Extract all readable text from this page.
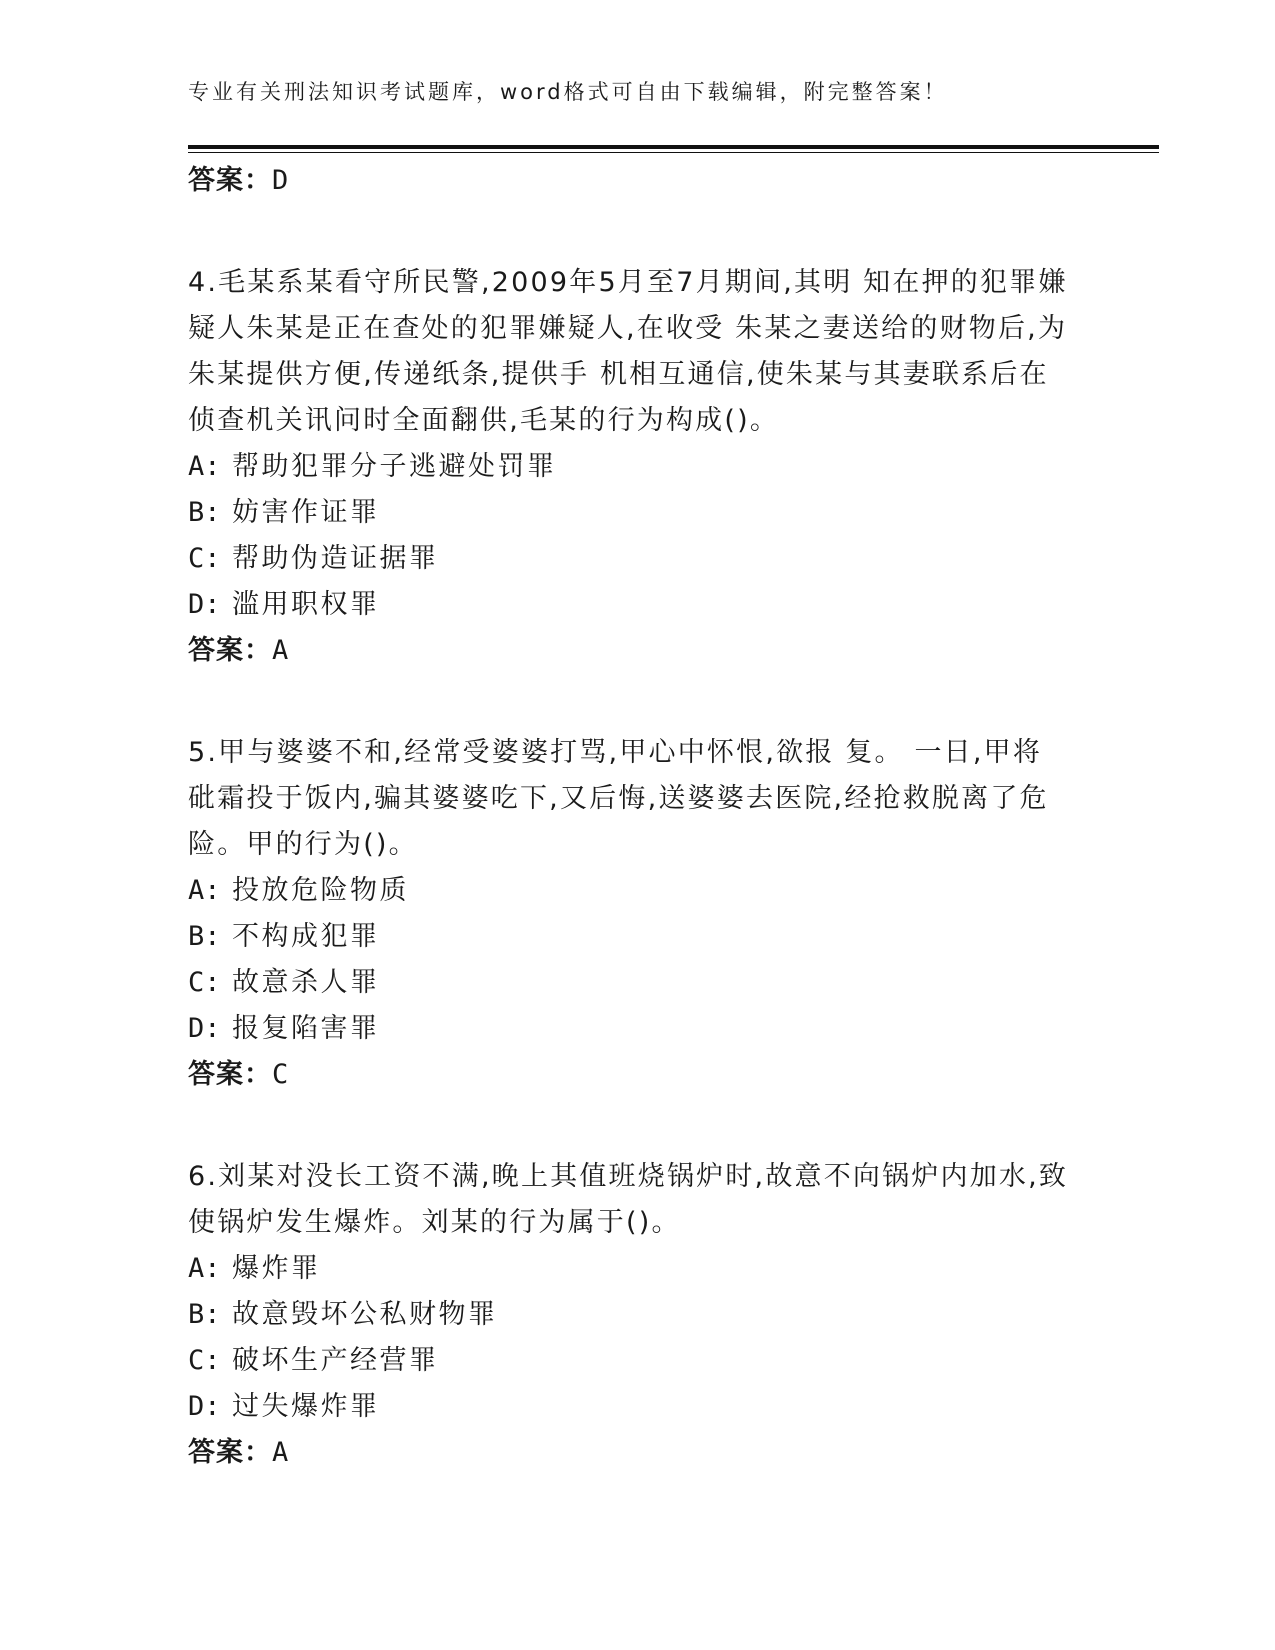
专业有关刑法知识考试题库，word格式可自由下载编辑，附完整答案！
答案：D
4.毛某系某看守所民警,2009年5月至7月期间,其明 知在押的犯罪嫌
疑人朱某是正在查处的犯罪嫌疑人,在收受 朱某之妻送给的财物后,为
朱某提供方便,传递纸条,提供手 机相互通信,使朱某与其妻联系后在
侦查机关讯问时全面翻供,毛某的行为构成()。
A: 帮助犯罪分子逃避处罚罪
B: 妨害作证罪
C: 帮助伪造证据罪
D: 滥用职权罪
答案：A
5.甲与婆婆不和,经常受婆婆打骂,甲心中怀恨,欲报 复。 一日,甲将
砒霜投于饭内,骗其婆婆吃下,又后悔,送婆婆去医院,经抢救脱离了危
险。甲的行为()。
A: 投放危险物质
B: 不构成犯罪
C: 故意杀人罪
D: 报复陷害罪
答案：C
6.刘某对没长工资不满,晚上其值班烧锅炉时,故意不向锅炉内加水,致
使锅炉发生爆炸。刘某的行为属于()。
A: 爆炸罪
B: 故意毁坏公私财物罪
C: 破坏生产经营罪
D: 过失爆炸罪
答案：A
